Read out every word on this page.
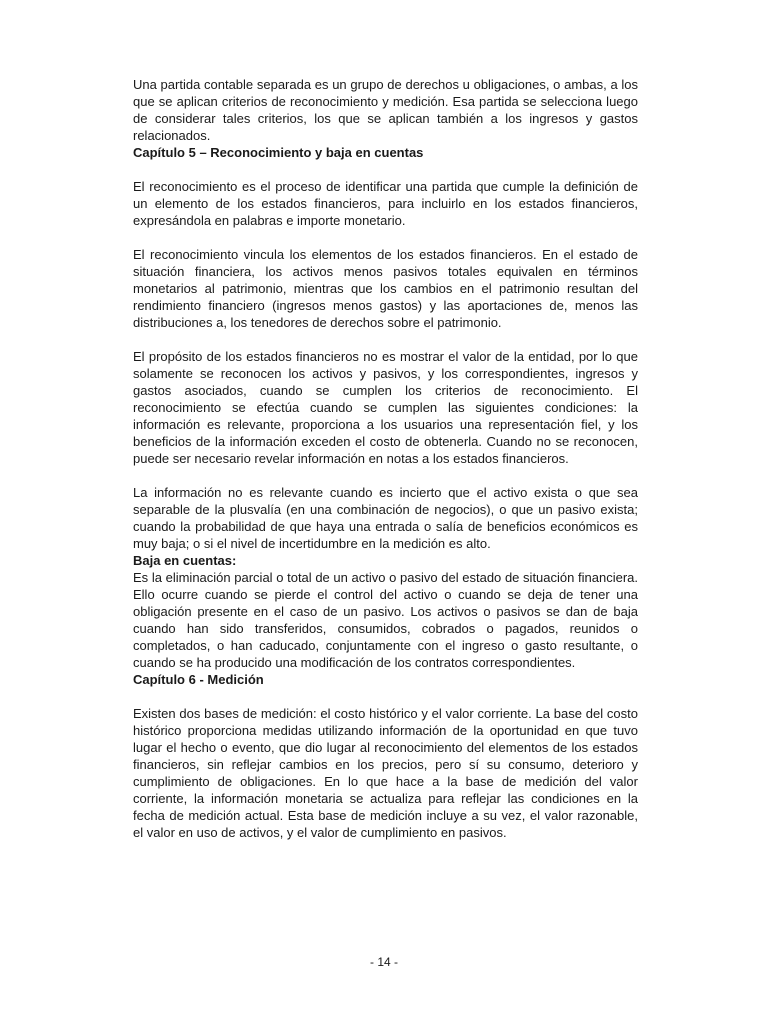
Una partida contable separada es un grupo de derechos u obligaciones, o ambas, a los que se aplican criterios de reconocimiento y medición. Esa partida se selecciona luego de considerar tales criterios, los que se aplican también a los ingresos y gastos relacionados.

Capítulo 5 – Reconocimiento y baja en cuentas

El reconocimiento es el proceso de identificar una partida que cumple la definición de un elemento de los estados financieros, para incluirlo en los estados financieros, expresándola en palabras e importe monetario.

El reconocimiento vincula los elementos de los estados financieros. En el estado de situación financiera, los activos menos pasivos totales equivalen en términos monetarios al patrimonio, mientras que los cambios en el patrimonio resultan del rendimiento financiero (ingresos menos gastos) y las aportaciones de, menos las distribuciones a, los tenedores de derechos sobre el patrimonio.

El propósito de los estados financieros no es mostrar el valor de la entidad, por lo que solamente se reconocen los activos y pasivos, y los correspondientes, ingresos y gastos asociados, cuando se cumplen los criterios de reconocimiento. El reconocimiento se efectúa cuando se cumplen las siguientes condiciones: la información es relevante, proporciona a los usuarios una representación fiel, y los beneficios de la información exceden el costo de obtenerla. Cuando no se reconocen, puede ser necesario revelar información en notas a los estados financieros.

La información no es relevante cuando es incierto que el activo exista o que sea separable de la plusvalía (en una combinación de negocios), o que un pasivo exista; cuando la probabilidad de que haya una entrada o salía de beneficios económicos es muy baja; o si el nivel de incertidumbre en la medición es alto.

Baja en cuentas:

Es la eliminación parcial o total de un activo o pasivo del estado de situación financiera. Ello ocurre cuando se pierde el control del activo o cuando se deja de tener una obligación presente en el caso de un pasivo. Los activos o pasivos se dan de baja cuando han sido transferidos, consumidos, cobrados o pagados, reunidos o completados, o han caducado, conjuntamente con el ingreso o gasto resultante, o cuando se ha producido una modificación de los contratos correspondientes.

Capítulo 6 - Medición

Existen dos bases de medición: el costo histórico y el valor corriente. La base del costo histórico proporciona medidas utilizando información de la oportunidad en que tuvo lugar el hecho o evento, que dio lugar al reconocimiento del elementos de los estados financieros, sin reflejar cambios en los precios, pero sí su consumo, deterioro y cumplimiento de obligaciones. En lo que hace a la base de medición del valor corriente, la información monetaria se actualiza para reflejar las condiciones en la fecha de medición actual. Esta base de medición incluye a su vez, el valor razonable, el valor en uso de activos, y el valor de cumplimiento en pasivos.

- 14 -
